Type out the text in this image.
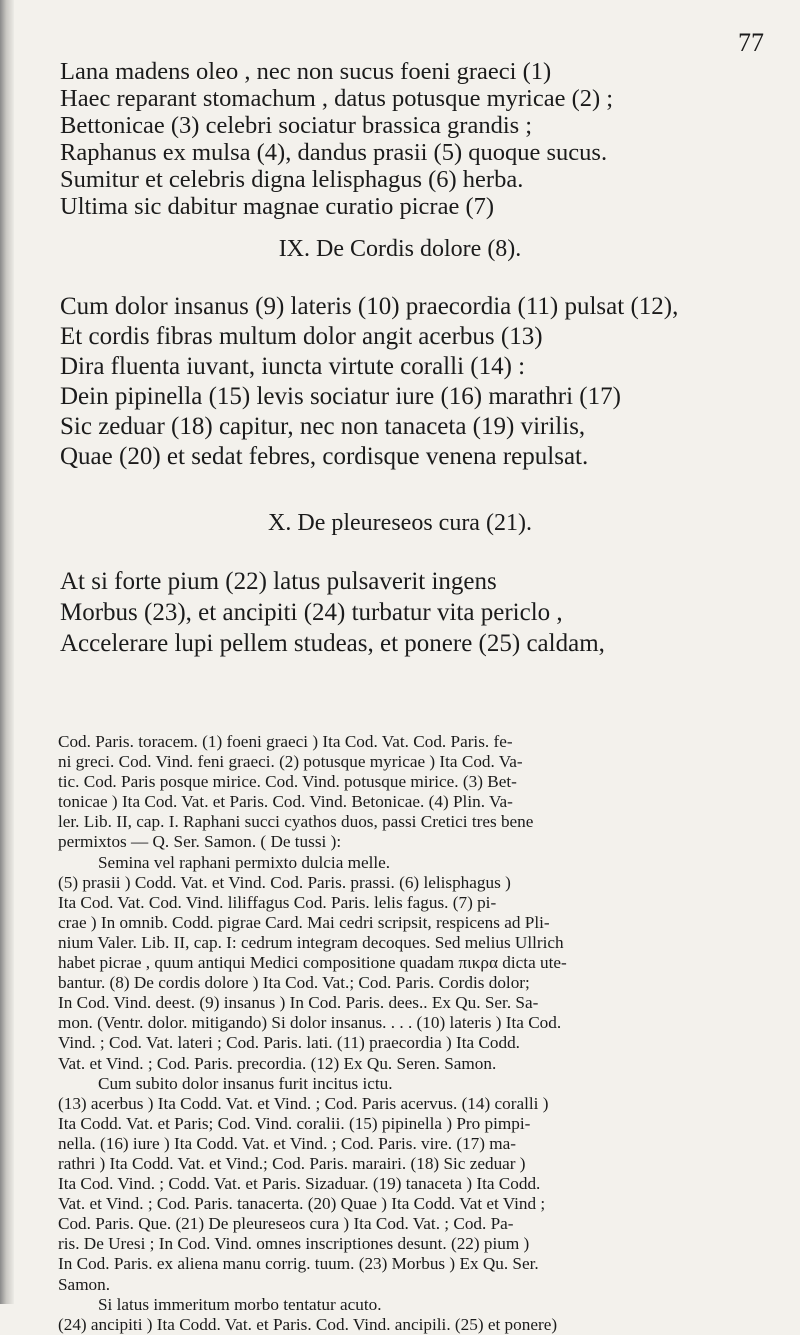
77
Lana madens oleo , nec non sucus foeni graeci (1)
Haec reparant stomachum , datus potusque myricae (2) ;
Bettonicae (3) celebri sociatur brassica grandis ;
Raphanus ex mulsa (4), dandus prasii (5) quoque sucus.
Sumitur et celebris digna lelisphagus (6) herba.
Ultima sic dabitur magnae curatio picrae (7)
IX. De Cordis dolore (8).
Cum dolor insanus (9) lateris (10) praecordia (11) pulsat (12),
Et cordis fibras multum dolor angit acerbus (13)
Dira fluenta iuvant, iuncta virtute coralli (14) :
Dein pipinella (15) levis sociatur iure (16) marathri (17)
Sic zeduar (18) capitur, nec non tanaceta (19) virilis,
Quae (20) et sedat febres, cordisque venena repulsat.
X. De pleureseos cura (21).
At si forte pium (22) latus pulsaverit ingens
Morbus (23), et ancipiti (24) turbatur vita periclo ,
Accelerare lupi pellem studeas, et ponere (25) caldam,
Cod. Paris. toracem. (1) foeni graeci ) Ita Cod. Vat. Cod. Paris. fe-
ni greci. Cod. Vind. feni graeci. (2) potusque myricae ) Ita Cod. Va-
tic. Cod. Paris posque mirice. Cod. Vind. potusque mirice. (3) Bet-
tonicae ) Ita Cod. Vat. et Paris. Cod. Vind. Betonicae. (4) Plin. Va-
ler. Lib. II, cap. I. Raphani succi cyathos duos, passi Cretici tres bene
permixtos — Q. Ser. Samon. ( De tussi ):
Semina vel raphani permixto dulcia melle.
(5) prasii ) Codd. Vat. et Vind. Cod. Paris. prassi. (6) lelisphagus )
Ita Cod. Vat. Cod. Vind. liliffagus Cod. Paris. lelis fagus. (7) pi-
crae ) In omnib. Codd. pigrae Card. Mai cedri scripsit, respicens ad Pli-
nium Valer. Lib. II, cap. I: cedrum integram decoques. Sed melius Ullrich
habet picrae , quum antiqui Medici compositione quadam πικρα dicta ute-
bantur. (8) De cordis dolore ) Ita Cod. Vat.; Cod. Paris. Cordis dolor;
In Cod. Vind. deest. (9) insanus ) In Cod. Paris. dees.. Ex Qu. Ser. Sa-
mon. (Ventr. dolor. mitigando) Si dolor insanus. . . . (10) lateris ) Ita Cod.
Vind. ; Cod. Vat. lateri ; Cod. Paris. lati. (11) praecordia ) Ita Codd.
Vat. et Vind. ; Cod. Paris. precordia. (12) Ex Qu. Seren. Samon.
Cum subito dolor insanus furit incitus ictu.
(13) acerbus ) Ita Codd. Vat. et Vind. ; Cod. Paris acervus. (14) coralli )
Ita Codd. Vat. et Paris; Cod. Vind. coralii. (15) pipinella ) Pro pimpi-
nella. (16) iure ) Ita Codd. Vat. et Vind. ; Cod. Paris. vire. (17) ma-
rathri ) Ita Codd. Vat. et Vind.; Cod. Paris. marairi. (18) Sic zeduar )
Ita Cod. Vind. ; Codd. Vat. et Paris. Sizaduar. (19) tanaceta ) Ita Codd.
Vat. et Vind. ; Cod. Paris. tanacerta. (20) Quae ) Ita Codd. Vat et Vind ;
Cod. Paris. Que. (21) De pleureseos cura ) Ita Cod. Vat. ; Cod. Pa-
ris. De Uresi ; In Cod. Vind. omnes inscriptiones desunt. (22) pium )
In Cod. Paris. ex aliena manu corrig. tuum. (23) Morbus ) Ex Qu. Ser.
Samon.
Si latus immeritum morbo tentatur acuto.
(24) ancipiti ) Ita Codd. Vat. et Paris. Cod. Vind. ancipili. (25) et ponere)
